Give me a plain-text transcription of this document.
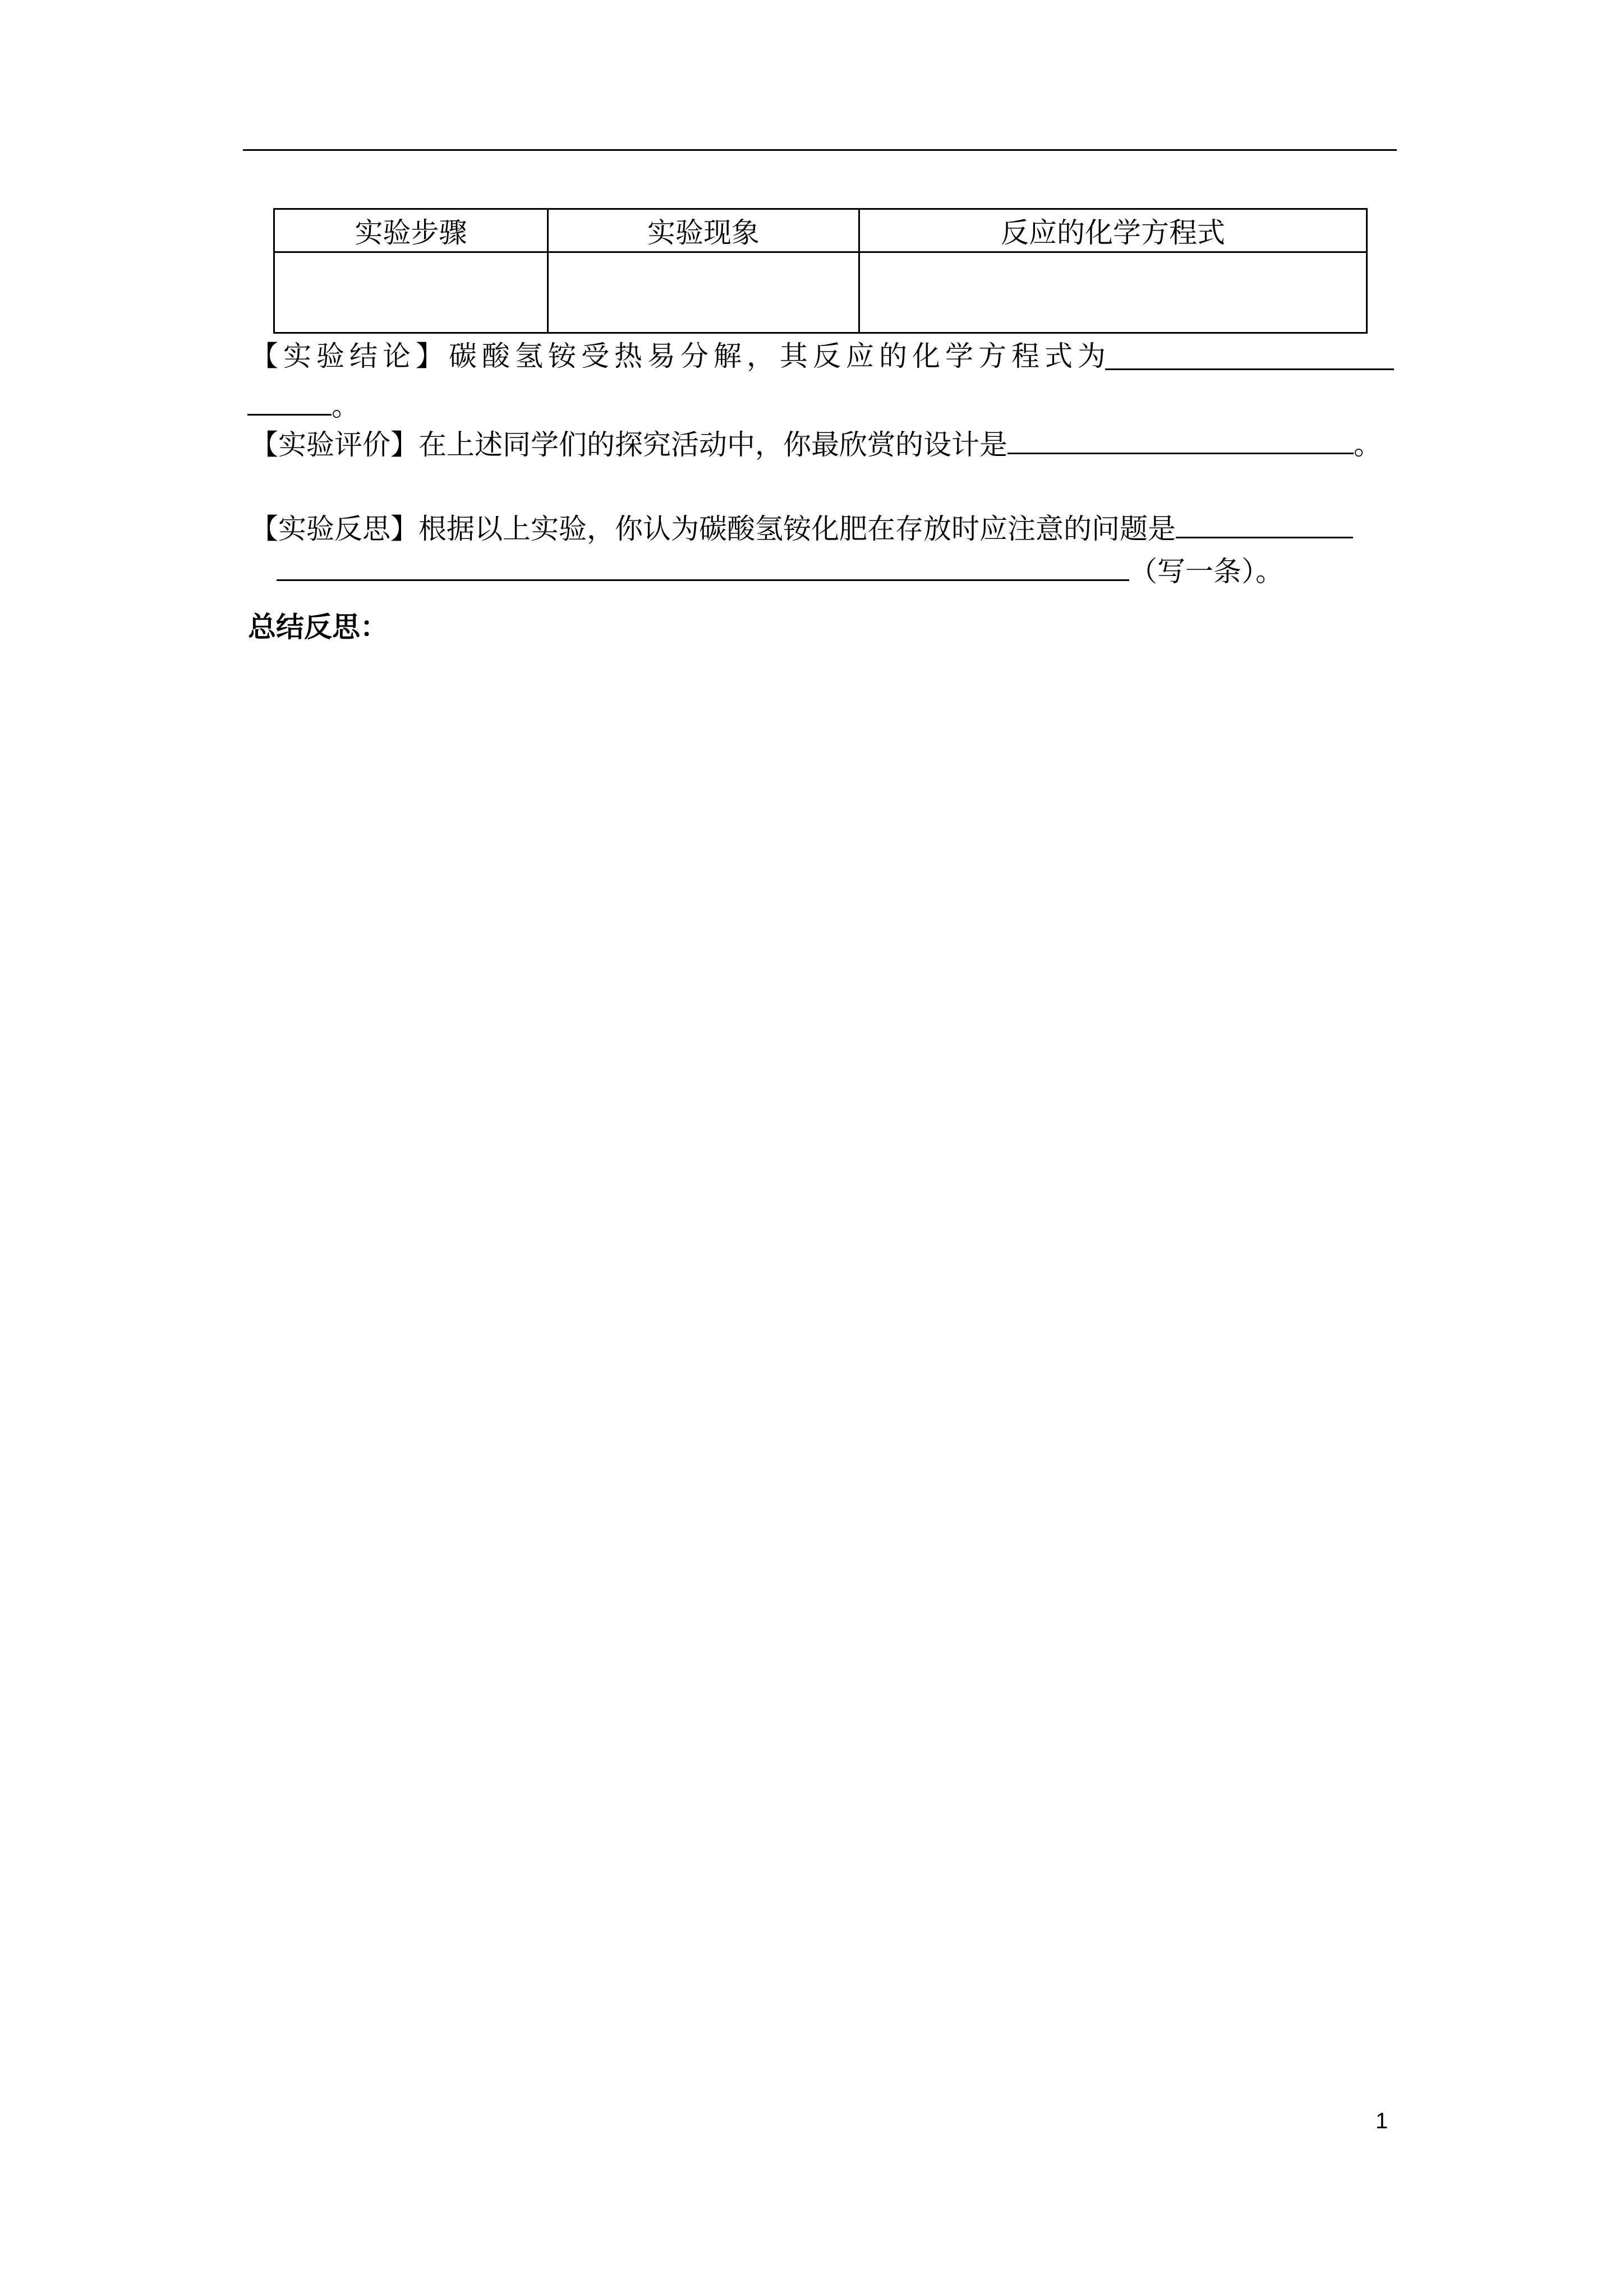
实验步骤	实验现象	反应的化学方程式

【实验结论】碳酸氢铵受热易分解，其反应的化学方程式为
。
【实验评价】在上述同学们的探究活动中，你最欣赏的设计是	。
【实验反思】根据以上实验，你认为碳酸氢铵化肥在存放时应注意的问题是
（写一条）。
总结反思：
1
